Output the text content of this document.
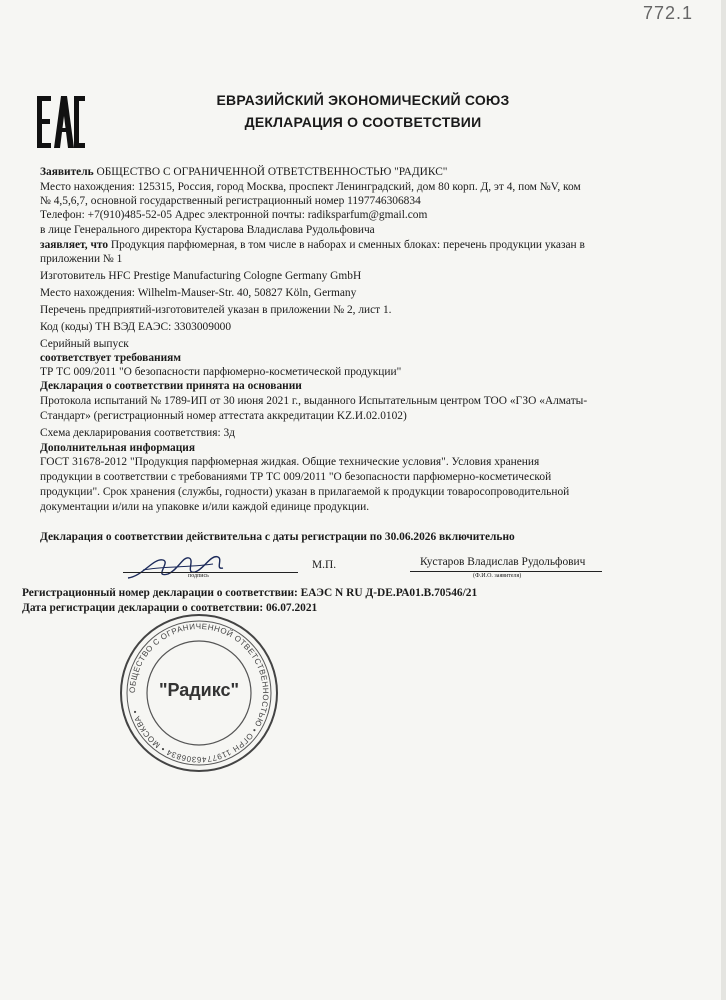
772.1
ЕВРАЗИЙСКИЙ ЭКОНОМИЧЕСКИЙ СОЮЗ
ДЕКЛАРАЦИЯ О СООТВЕТСТВИИ
Заявитель ОБЩЕСТВО С ОГРАНИЧЕННОЙ ОТВЕТСТВЕННОСТЬЮ "РАДИКС"
Место нахождения: 125315, Россия, город Москва, проспект Ленинградский, дом 80 корп. Д, эт 4, пом №V, ком
№ 4,5,6,7, основной государственный регистрационный номер 1197746306834
Телефон: +7(910)485-52-05 Адрес электронной почты: radiksparfum@gmail.com
в лице Генерального директора Кустарова Владислава Рудольфовича
заявляет, что Продукция парфюмерная, в том числе в наборах и сменных блоках: перечень продукции указан в
приложении № 1
Изготовитель HFC Prestige Manufacturing Cologne Germany GmbH
Место нахождения: Wilhelm-Mauser-Str. 40, 50827 Köln, Germany
Перечень предприятий-изготовителей указан в приложении № 2, лист 1.
Код (коды) ТН ВЭД ЕАЭС: 3303009000
Серийный выпуск
соответствует требованиям
ТР ТС 009/2011 "О безопасности парфюмерно-косметической продукции"
Декларация о соответствии принята на основании
Протокола испытаний № 1789-ИП от 30 июня 2021 г., выданного Испытательным центром ТОО «ГЗО «Алматы-
Стандарт» (регистрационный номер аттестата аккредитации KZ.И.02.0102)
Схема декларирования соответствия: 3д
Дополнительная информация
ГОСТ 31678-2012 "Продукция парфюмерная жидкая. Общие технические условия". Условия хранения
продукции в соответствии с требованиями ТР ТС 009/2011 "О безопасности парфюмерно-косметической
продукции". Срок хранения (службы, годности) указан в прилагаемой к продукции товаросопроводительной
документации и/или на упаковке и/или каждой единице продукции.
Декларация о соответствии действительна с даты регистрации по 30.06.2026 включительно
подпись
М.П.	Кустаров Владислав Рудольфович
(Ф.И.О. заявителя)
Регистрационный номер декларации о соответствии: ЕАЭС N RU Д-DE.РА01.В.70546/21
Дата регистрации декларации о соответствии: 06.07.2021
ОБЩЕСТВО С ОГРАНИЧЕННОЙ ОТВЕТСТВЕННОСТЬЮ • ОГРН 1197746306834 • МОСКВА •
"Радикс"
